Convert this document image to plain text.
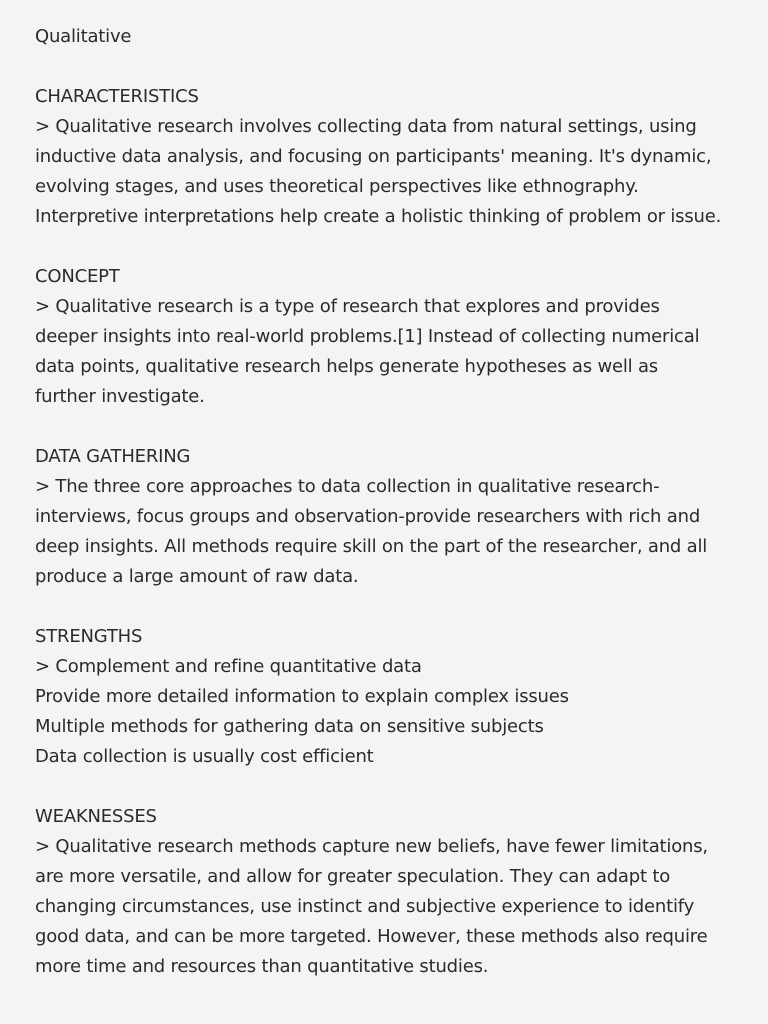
Qualitative
CHARACTERISTICS
> Qualitative research involves collecting data from natural settings, using
inductive data analysis, and focusing on participants' meaning. It's dynamic,
evolving stages, and uses theoretical perspectives like ethnography.
Interpretive interpretations help create a holistic thinking of problem or issue.
CONCEPT
> Qualitative research is a type of research that explores and provides
deeper insights into real-world problems.[1] Instead of collecting numerical
data points, qualitative research helps generate hypotheses as well as
further investigate.
DATA GATHERING
> The three core approaches to data collection in qualitative research-
interviews, focus groups and observation-provide researchers with rich and
deep insights. All methods require skill on the part of the researcher, and all
produce a large amount of raw data.
STRENGTHS
> Complement and refine quantitative data
Provide more detailed information to explain complex issues
Multiple methods for gathering data on sensitive subjects
Data collection is usually cost efficient
WEAKNESSES
> Qualitative research methods capture new beliefs, have fewer limitations,
are more versatile, and allow for greater speculation. They can adapt to
changing circumstances, use instinct and subjective experience to identify
good data, and can be more targeted. However, these methods also require
more time and resources than quantitative studies.
